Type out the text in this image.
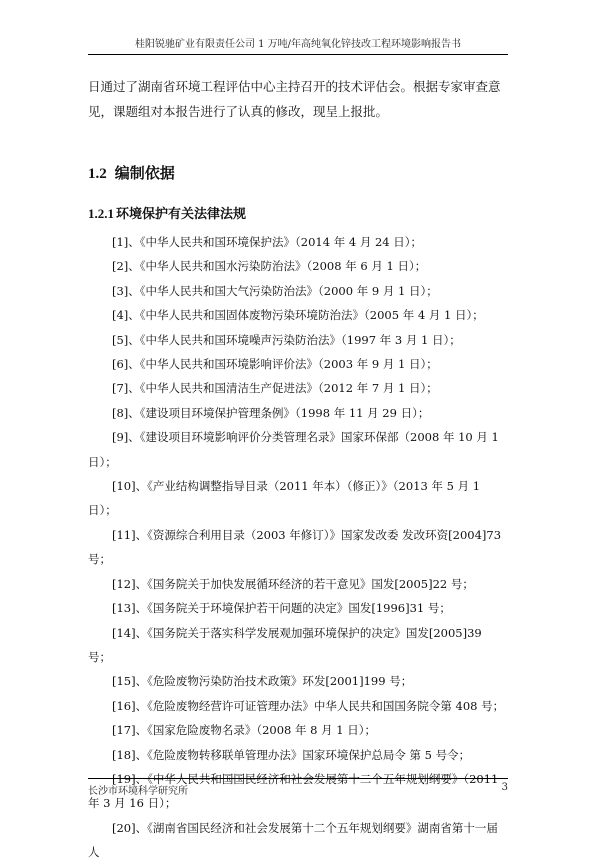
桂阳锐驰矿业有限责任公司 1 万吨/年高纯氧化锌技改工程环境影响报告书
日通过了湖南省环境工程评估中心主持召开的技术评估会。根据专家审查意见，课题组对本报告进行了认真的修改，现呈上报批。
1.2 编制依据
1.2.1 环境保护有关法律法规
[1]、《中华人民共和国环境保护法》（2014 年 4 月 24 日）；
[2]、《中华人民共和国水污染防治法》（2008 年 6 月 1 日）；
[3]、《中华人民共和国大气污染防治法》（2000 年 9 月 1 日）；
[4]、《中华人民共和国固体废物污染环境防治法》（2005 年 4 月 1 日）；
[5]、《中华人民共和国环境噪声污染防治法》（1997 年 3 月 1 日）；
[6]、《中华人民共和国环境影响评价法》（2003 年 9 月 1 日）；
[7]、《中华人民共和国清洁生产促进法》（2012 年 7 月 1 日）；
[8]、《建设项目环境保护管理条例》（1998 年 11 月 29 日）；
[9]、《建设项目环境影响评价分类管理名录》国家环保部（2008 年 10 月 1 日）；
[10]、《产业结构调整指导目录（2011 年本）（修正）》（2013 年 5 月 1 日）；
[11]、《资源综合利用目录（2003 年修订）》国家发改委 发改环资[2004]73 号；
[12]、《国务院关于加快发展循环经济的若干意见》国发[2005]22 号；
[13]、《国务院关于环境保护若干问题的决定》国发[1996]31 号；
[14]、《国务院关于落实科学发展观加强环境保护的决定》国发[2005]39 号；
[15]、《危险废物污染防治技术政策》环发[2001]199 号；
[16]、《危险废物经营许可证管理办法》中华人民共和国国务院令第 408 号；
[17]、《国家危险废物名录》（2008 年 8 月 1 日）；
[18]、《危险废物转移联单管理办法》国家环境保护总局令 第 5 号令；
[19]、《中华人民共和国国民经济和社会发展第十二个五年规划纲要》（2011 年 3 月 16 日）；
[20]、《湖南省国民经济和社会发展第十二个五年规划纲要》湖南省第十一届人
长沙市环境科学研究所	3
